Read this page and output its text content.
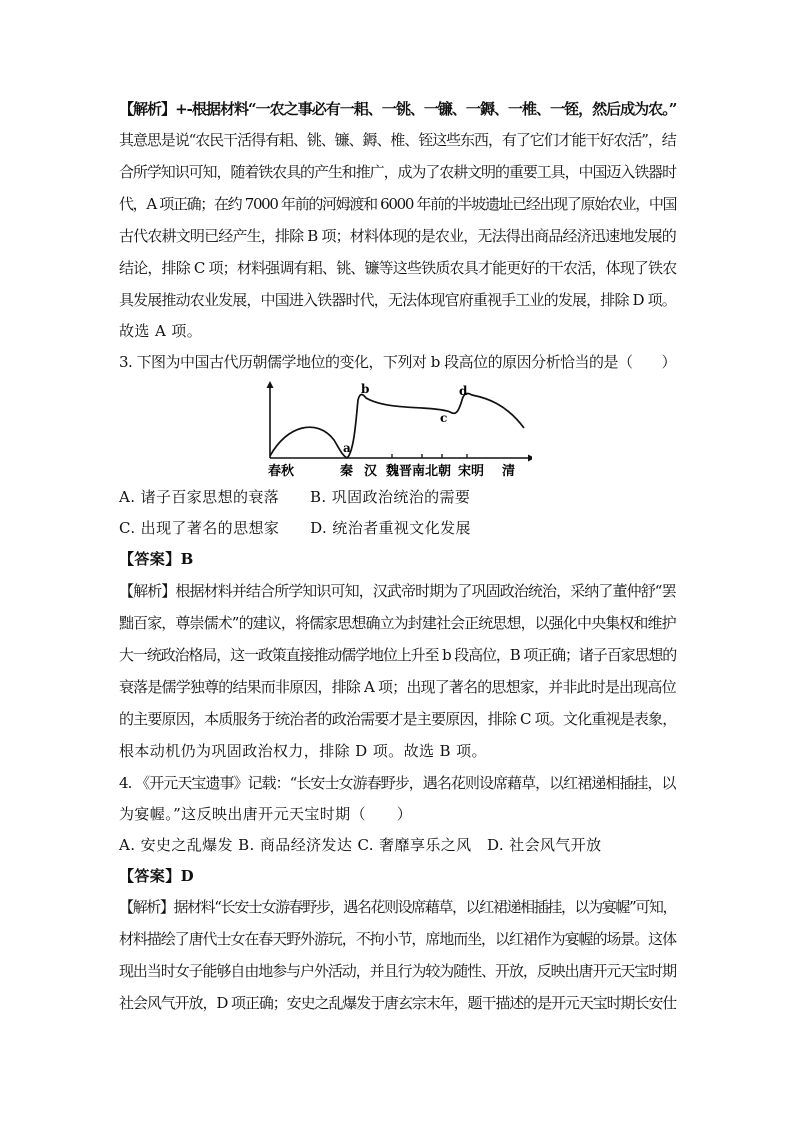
【解析】+-根据材料“一农之事必有一耜、一铫、一镰、一鎒、一椎、一铚，然后成为农。”
其意思是说“农民干活得有耜、铫、镰、鎒、椎、铚这些东西，有了它们才能干好农活”，结
合所学知识可知，随着铁农具的产生和推广，成为了农耕文明的重要工具，中国迈入铁器时
代，A 项正确；在约 7000 年前的河姆渡和 6000 年前的半坡遗址已经出现了原始农业，中国
古代农耕文明已经产生，排除 B 项；材料体现的是农业，无法得出商品经济迅速地发展的
结论，排除 C 项；材料强调有耜、铫、镰等这些铁质农具才能更好的干农活，体现了铁农
具发展推动农业发展，中国进入铁器时代，无法体现官府重视手工业的发展，排除 D 项。
故选 A 项。
3. 下图为中国古代历朝儒学地位的变化，下列对 b 段高位的原因分析恰当的是（　　）
a
b
c
d
春秋	秦 汉 魏晋南北朝 宋明 清
A. 诸子百家思想的衰落　　B. 巩固政治统治的需要
C. 出现了著名的思想家　　D. 统治者重视文化发展
【答案】B
【解析】根据材料并结合所学知识可知，汉武帝时期为了巩固政治统治，采纳了董仲舒“罢
黜百家，尊崇儒术”的建议，将儒家思想确立为封建社会正统思想，以强化中央集权和维护
大一统政治格局，这一政策直接推动儒学地位上升至 b 段高位，B 项正确；诸子百家思想的
衰落是儒学独尊的结果而非原因，排除 A 项；出现了著名的思想家，并非此时是出现高位
的主要原因，本质服务于统治者的政治需要才是主要原因，排除 C 项。文化重视是表象，
根本动机仍为巩固政治权力，排除 D 项。故选 B 项。
4. 《开元天宝遗事》记载：“长安士女游春野步，遇名花则设席藉草，以红裙递相插挂，以
为宴幄。”这反映出唐开元天宝时期（　　）
A. 安史之乱爆发 B. 商品经济发达 C. 奢靡享乐之风　D. 社会风气开放
【答案】D
【解析】据材料“长安士女游春野步，遇名花则设席藉草，以红裙递相插挂，以为宴幄”可知，
材料描绘了唐代士女在春天野外游玩，不拘小节，席地而坐，以红裙作为宴幄的场景。这体
现出当时女子能够自由地参与户外活动，并且行为较为随性、开放，反映出唐开元天宝时期
社会风气开放，D 项正确；安史之乱爆发于唐玄宗末年，题干描述的是开元天宝时期长安仕
